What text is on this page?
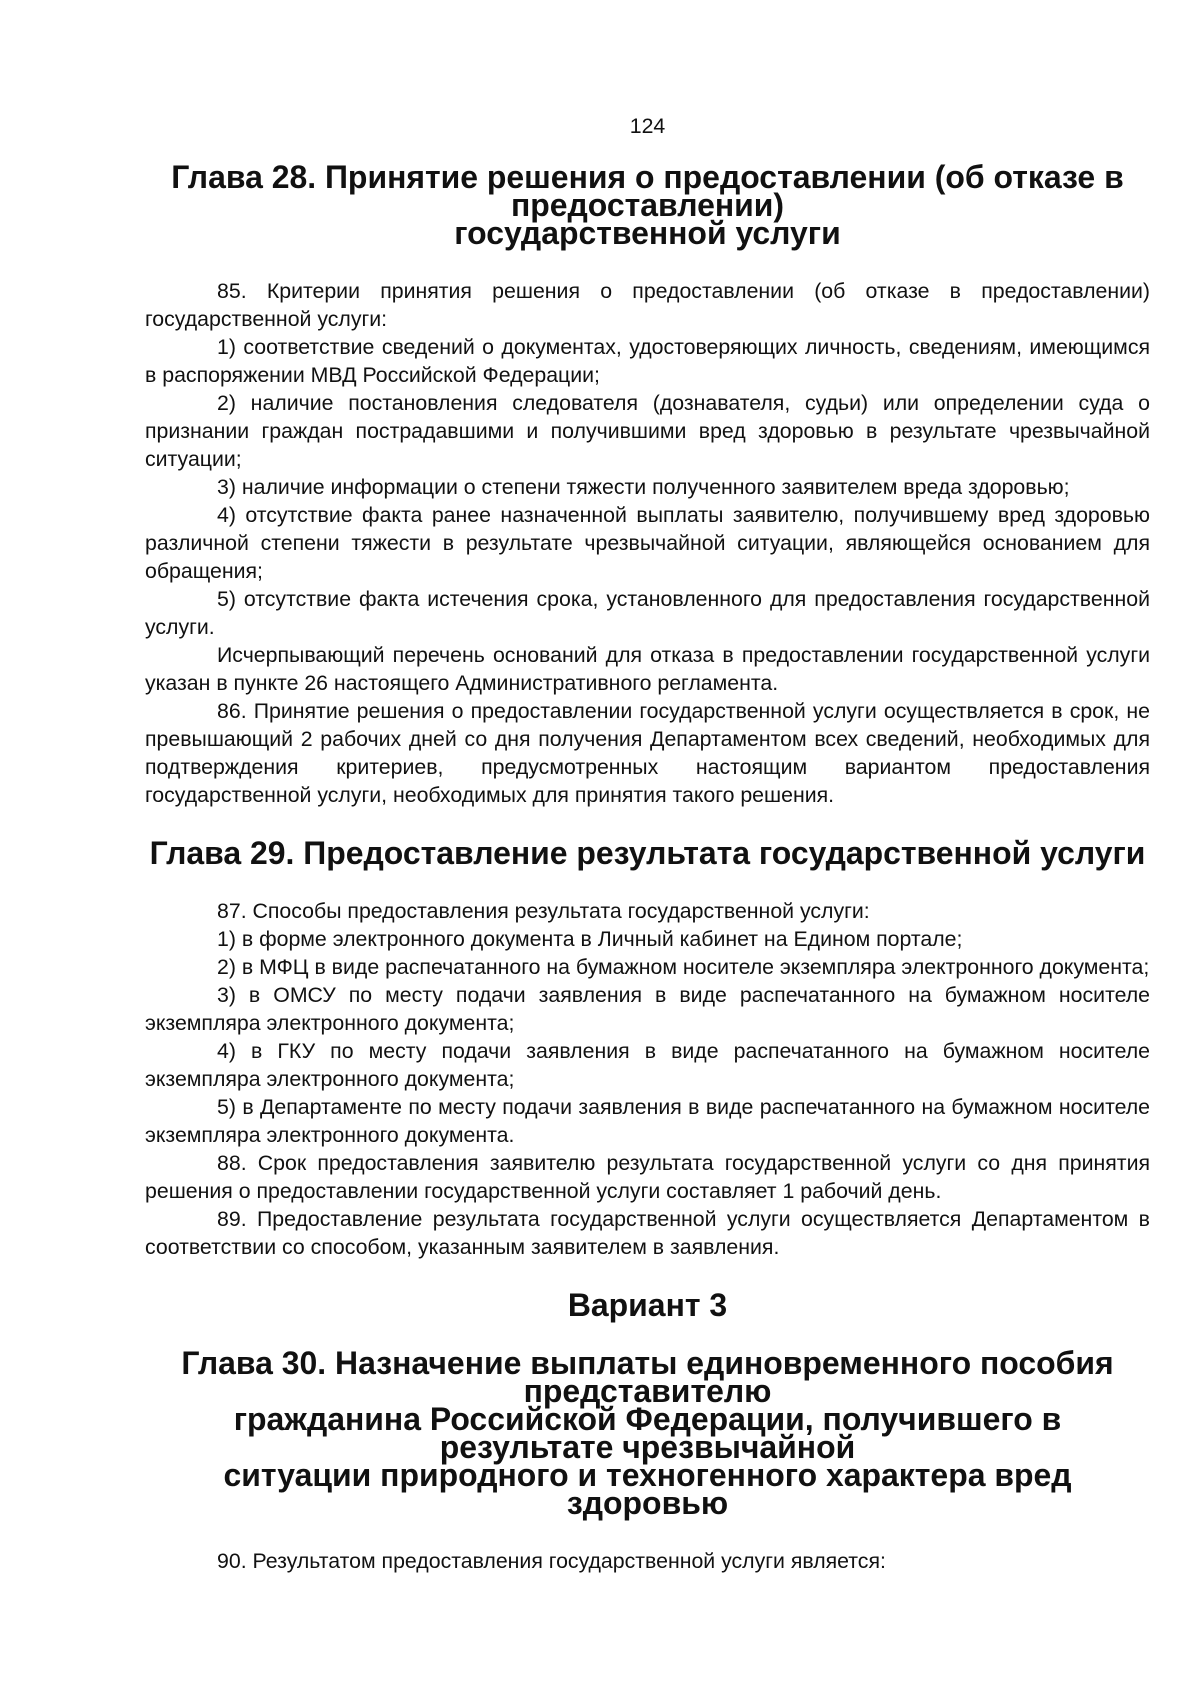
124
Глава 28. Принятие решения о предоставлении (об отказе в предоставлении)
государственной услуги

85. Критерии принятия решения о предоставлении (об отказе в предоставлении) государственной услуги:

1) соответствие сведений о документах, удостоверяющих личность, сведениям, имеющимся в распоряжении МВД Российской Федерации;

2) наличие постановления следователя (дознавателя, судьи) или определении суда о признании граждан пострадавшими и получившими вред здоровью в результате чрезвычайной ситуации;

3) наличие информации о степени тяжести полученного заявителем вреда здоровью;

4) отсутствие факта ранее назначенной выплаты заявителю, получившему вред здоровью различной степени тяжести в результате чрезвычайной ситуации, являющейся основанием для обращения;

5) отсутствие факта истечения срока, установленного для предоставления государственной услуги.

Исчерпывающий перечень оснований для отказа в предоставлении государственной услуги указан в пункте 26 настоящего Административного регламента.

86. Принятие решения о предоставлении государственной услуги осуществляется в срок, не превышающий 2 рабочих дней со дня получения Департаментом всех сведений, необходимых для подтверждения критериев, предусмотренных настоящим вариантом предоставления государственной услуги, необходимых для принятия такого решения.

Глава 29. Предоставление результата государственной услуги

87. Способы предоставления результата государственной услуги:

1) в форме электронного документа в Личный кабинет на Едином портале;

2) в МФЦ в виде распечатанного на бумажном носителе экземпляра электронного документа;

3) в ОМСУ по месту подачи заявления в виде распечатанного на бумажном носителе экземпляра электронного документа;

4) в ГКУ по месту подачи заявления в виде распечатанного на бумажном носителе экземпляра электронного документа;

5) в Департаменте по месту подачи заявления в виде распечатанного на бумажном носителе экземпляра электронного документа.

88. Срок предоставления заявителю результата государственной услуги со дня принятия решения о предоставлении государственной услуги составляет 1 рабочий день.

89. Предоставление результата государственной услуги осуществляется Департаментом в соответствии со способом, указанным заявителем в заявления.

Вариант 3
Глава 30. Назначение выплаты единовременного пособия представителю
гражданина Российской Федерации, получившего в результате чрезвычайной
ситуации природного и техногенного характера вред здоровью

90. Результатом предоставления государственной услуги является:
